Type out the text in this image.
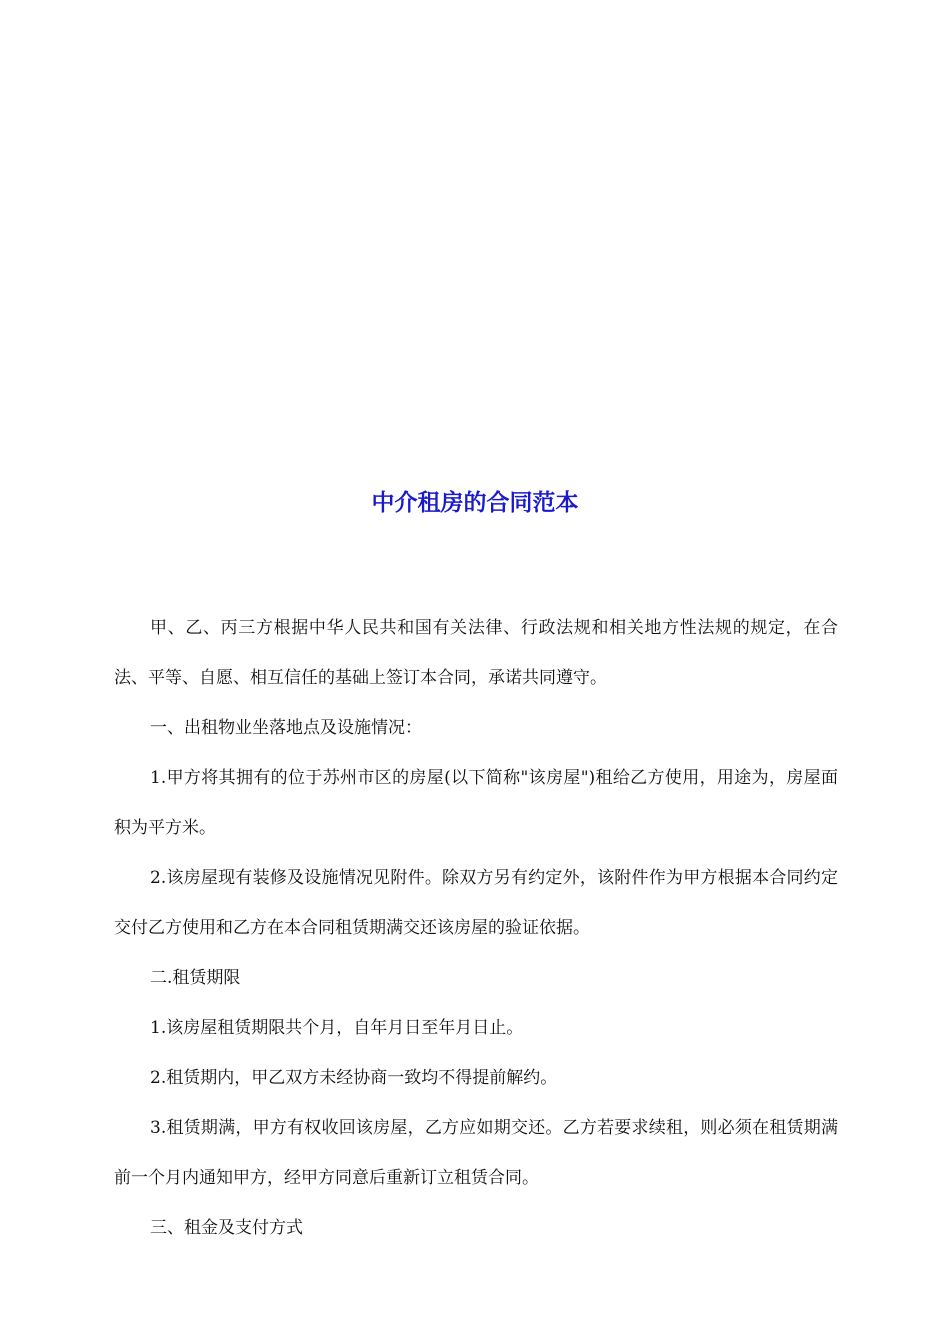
中介租房的合同范本

甲、乙、丙三方根据中华人民共和国有关法律、行政法规和相关地方性法规的规定，在合法、平等、自愿、相互信任的基础上签订本合同，承诺共同遵守。

一、出租物业坐落地点及设施情况：

1.甲方将其拥有的位于苏州市区的房屋(以下简称"该房屋")租给乙方使用，用途为，房屋面积为平方米。

2.该房屋现有装修及设施情况见附件。除双方另有约定外，该附件作为甲方根据本合同约定交付乙方使用和乙方在本合同租赁期满交还该房屋的验证依据。

二.租赁期限

1.该房屋租赁期限共个月，自年月日至年月日止。

2.租赁期内，甲乙双方未经协商一致均不得提前解约。

3.租赁期满，甲方有权收回该房屋，乙方应如期交还。乙方若要求续租，则必须在租赁期满前一个月内通知甲方，经甲方同意后重新订立租赁合同。

三、租金及支付方式
